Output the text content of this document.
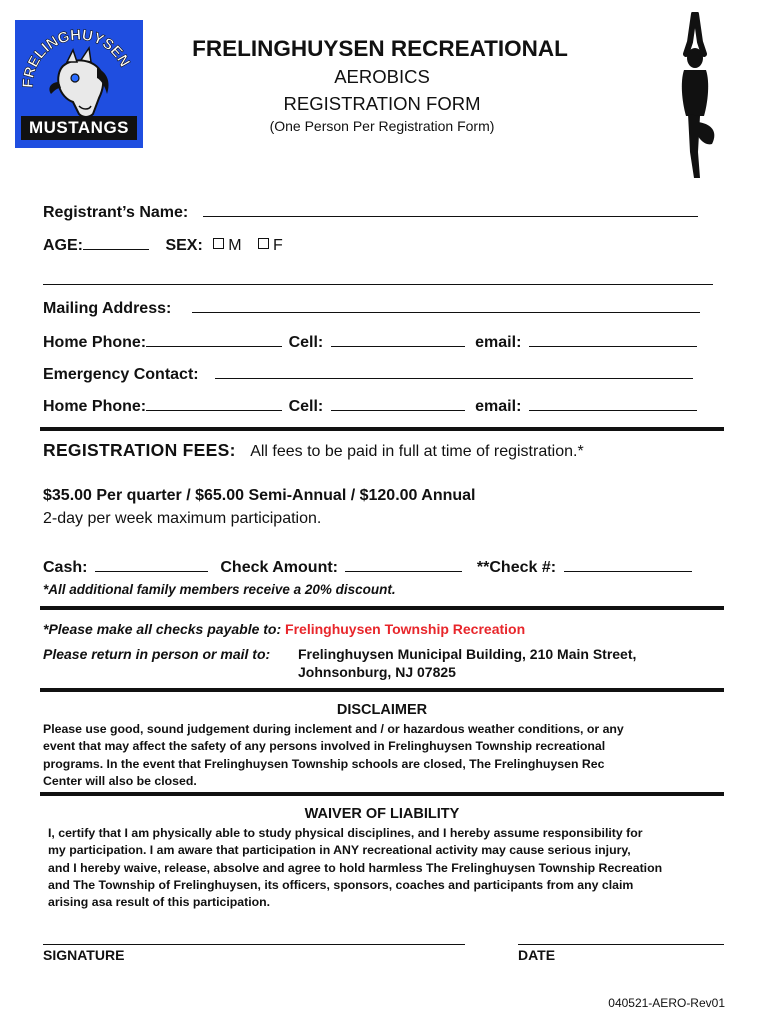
FRELINGHUYSEN
MUSTANGS
FRELINGHUYSEN RECREATIONAL
AEROBICS
REGISTRATION FORM
(One Person Per Registration Form)
Registrant’s Name:
AGE:	SEX: M F
Mailing Address:
Home Phone:	Cell:	email:
Emergency Contact:
Home Phone:	Cell:	email:
REGISTRATION FEES: All fees to be paid in full at time of registration.*
$35.00 Per quarter / $65.00 Semi-Annual / $120.00 Annual
2-day per week maximum participation.
Cash:	Check Amount:	**Check #:
*All additional family members receive a 20% discount.
*Please make all checks payable to: Frelinghuysen Township Recreation
Please return in person or mail to: Frelinghuysen Municipal Building, 210 Main Street,
Johnsonburg, NJ 07825
DISCLAIMER
Please use good, sound judgement during inclement and / or hazardous weather conditions, or any
event that may affect the safety of any persons involved in Frelinghuysen Township recreational
programs. In the event that Frelinghuysen Township schools are closed, The Frelinghuysen Rec
Center will also be closed.
WAIVER OF LIABILITY
I, certify that I am physically able to study physical disciplines, and I hereby assume responsibility for
my participation. I am aware that participation in ANY recreational activity may cause serious injury,
and I hereby waive, release, absolve and agree to hold harmless The Frelinghuysen Township Recreation
and The Township of Frelinghuysen, its officers, sponsors, coaches and participants from any claim
arising asa result of this participation.
SIGNATURE	DATE
040521-AERO-Rev01
